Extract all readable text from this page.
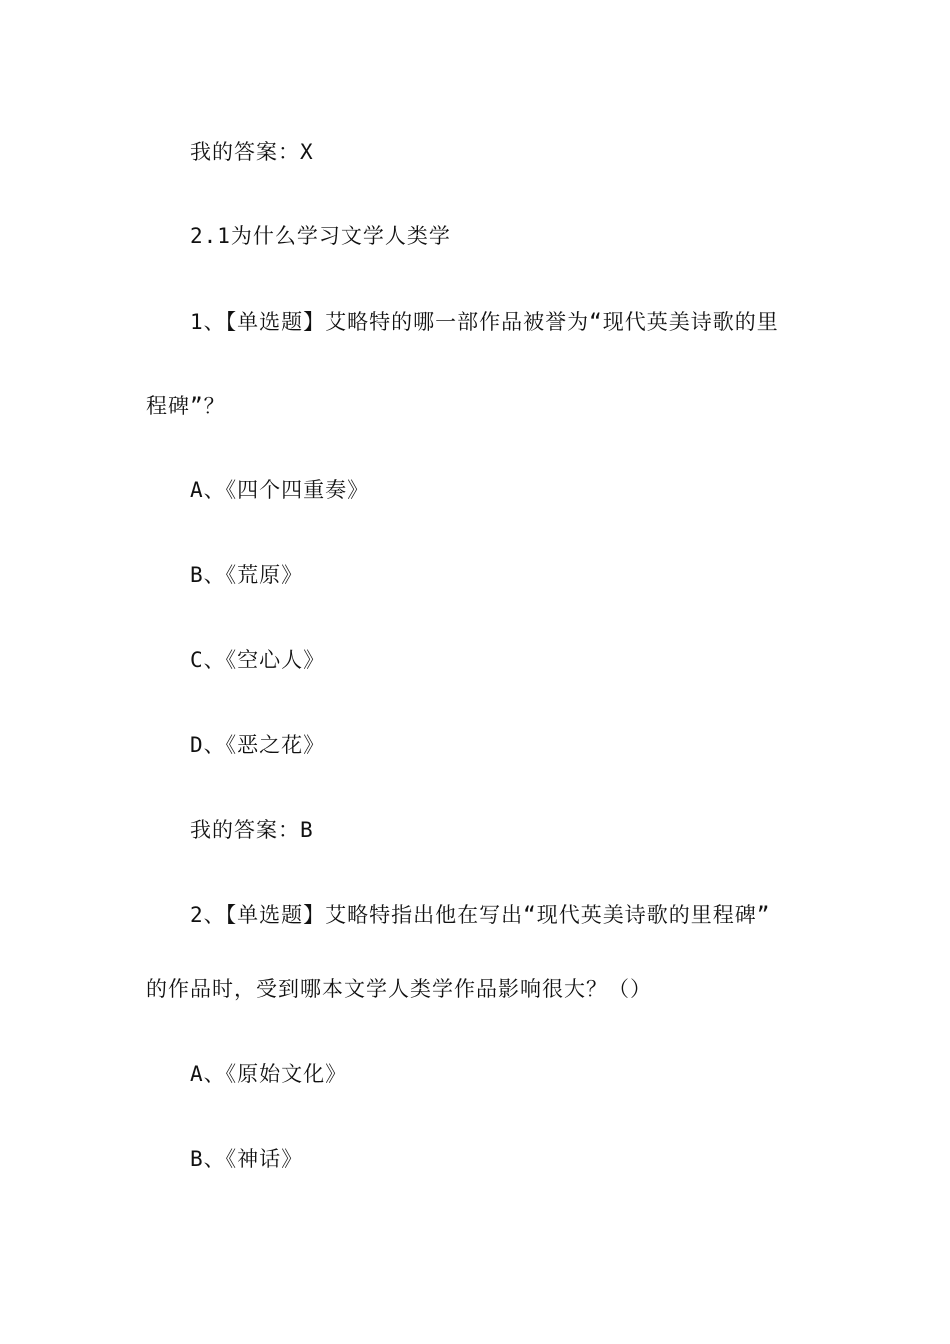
我的答案：X
2.1为什么学习文学人类学
1、【单选题】艾略特的哪一部作品被誉为“现代英美诗歌的里
程碑”？
A、《四个四重奏》
B、《荒原》
C、《空心人》
D、《恶之花》
我的答案：B
2、【单选题】艾略特指出他在写出“现代英美诗歌的里程碑”
的作品时，受到哪本文学人类学作品影响很大？（）
A、《原始文化》
B、《神话》
